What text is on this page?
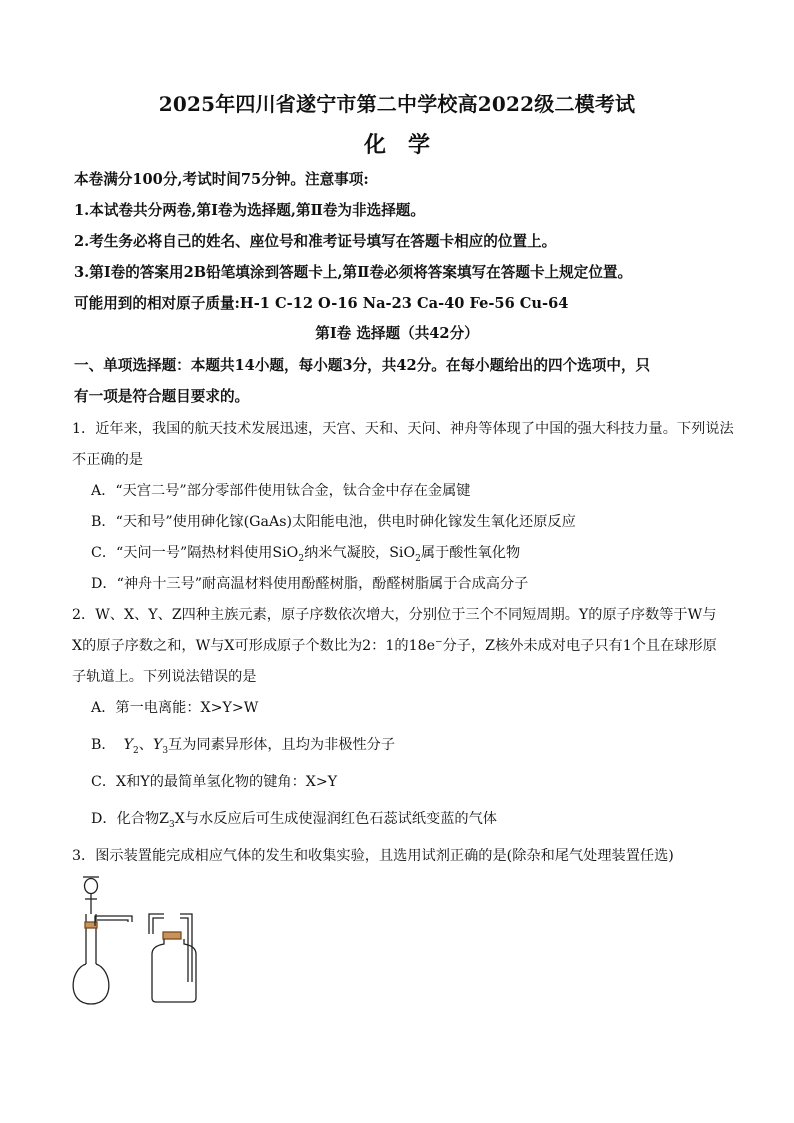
2025年四川省遂宁市第二中学校高2022级二模考试
化学
本卷满分100分,考试时间75分钟。注意事项:
1.本试卷共分两卷,第Ⅰ卷为选择题,第Ⅱ卷为非选择题。
2.考生务必将自己的姓名、座位号和准考证号填写在答题卡相应的位置上。
3.第Ⅰ卷的答案用2B铅笔填涂到答题卡上,第Ⅱ卷必须将答案填写在答题卡上规定位置。
可能用到的相对原子质量:H-1 C-12 O-16 Na-23 Ca-40 Fe-56 Cu-64
第Ⅰ卷 选择题（共42分）
一、单项选择题：本题共14小题，每小题3分，共42分。在每小题给出的四个选项中，只
有一项是符合题目要求的。
1．近年来，我国的航天技术发展迅速，天宫、天和、天问、神舟等体现了中国的强大科技力量。下列说法
不正确的是
A．“天宫二号”部分零部件使用钛合金，钛合金中存在金属键
B．“天和号”使用砷化镓(GaAs)太阳能电池，供电时砷化镓发生氧化还原反应
C．“天问一号”隔热材料使用SiO$_2$纳米气凝胶，SiO$_2$属于酸性氧化物
D．“神舟十三号”耐高温材料使用酚醛树脂，酚醛树脂属于合成高分子
2．W、X、Y、Z四种主族元素，原子序数依次增大，分别位于三个不同短周期。Y的原子序数等于W与
X的原子序数之和，W与X可形成原子个数比为2：1的18e−分子，Z核外未成对电子只有1个且在球形原
子轨道上。下列说法错误的是
A．第一电离能：X>Y>W
B． $Y_2$、$Y_3$互为同素异形体，且均为非极性分子
C．X和Y的最简单氢化物的键角：X>Y
D．化合物$Z_3X$与水反应后可生成使湿润红色石蕊试纸变蓝的气体
3．图示装置能完成相应气体的发生和收集实验，且选用试剂正确的是(除杂和尾气处理装置任选)
